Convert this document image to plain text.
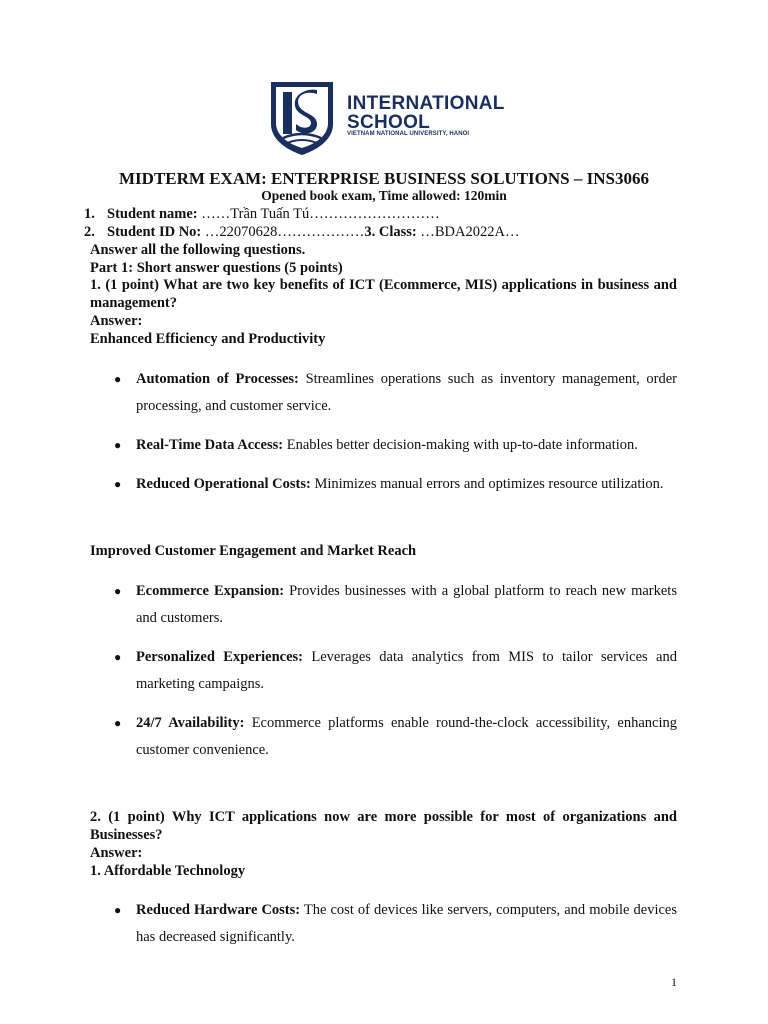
INTERNATIONAL
SCHOOL
VIETNAM NATIONAL UNIVERSITY, HANOI
MIDTERM EXAM: ENTERPRISE BUSINESS SOLUTIONS – INS3066
Opened book exam, Time allowed: 120min
Student name: ……Trần Tuấn Tú………………………
1.
Student ID No: …22070628………………3. Class: …BDA2022A…
2.
Answer all the following questions.
Part 1: Short answer questions (5 points)
1. (1 point) What are two key benefits of ICT (Ecommerce, MIS) applications in business and management?
Answer:
Enhanced Efficiency and Productivity
● Automation of Processes: Streamlines operations such as inventory management, order processing, and customer service.
● Real-Time Data Access: Enables better decision-making with up-to-date information.
● Reduced Operational Costs: Minimizes manual errors and optimizes resource utilization.
Improved Customer Engagement and Market Reach
● Ecommerce Expansion: Provides businesses with a global platform to reach new markets and customers.
● Personalized Experiences: Leverages data analytics from MIS to tailor services and marketing campaigns.
● 24/7 Availability: Ecommerce platforms enable round-the-clock accessibility, enhancing customer convenience.
2. (1 point) Why ICT applications now are more possible for most of organizations and Businesses?
Answer:
1. Affordable Technology
● Reduced Hardware Costs: The cost of devices like servers, computers, and mobile devices has decreased significantly.
1
